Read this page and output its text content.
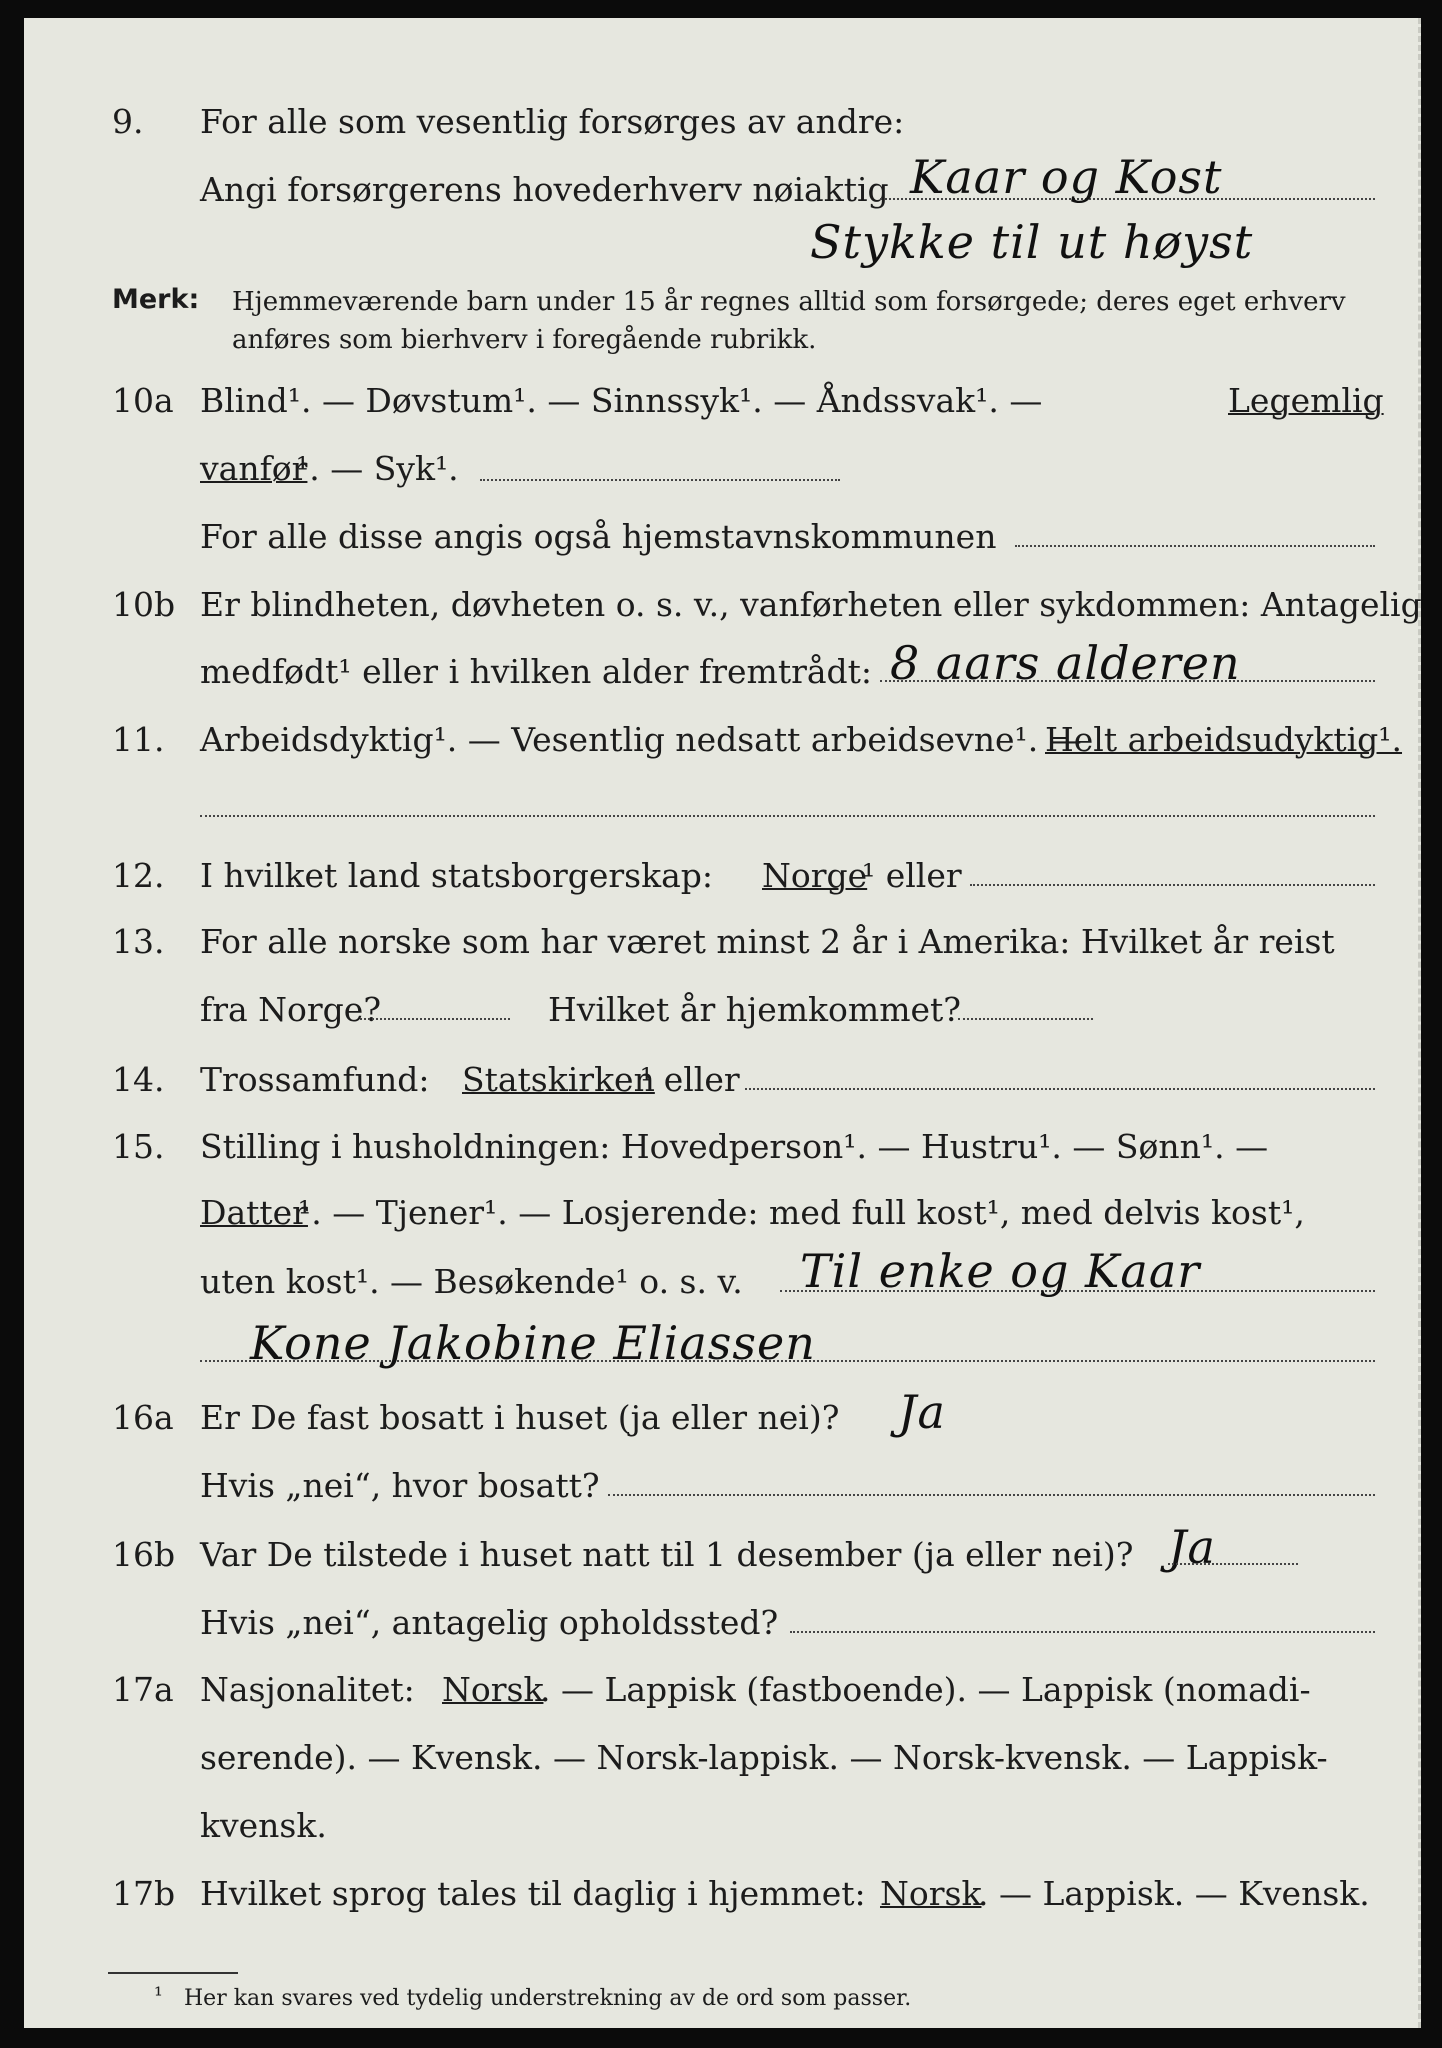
9. For alle som vesentlig forsørges av andre:
Angi forsørgerens hovederhverv nøiaktig Kaar og Kost
Stykke til ut høyst
Merk: Hjemmeværende barn under 15 år regnes alltid som forsørgede; deres eget erhverv
anføres som bierhverv i foregående rubrikk.
10a Blind¹. — Døvstum¹. — Sinnssyk¹. — Åndssvak¹. —	Legemlig
vanfør
¹. — Syk¹.
For alle disse angis også hjemstavnskommunen
10b Er blindheten, døvheten o. s. v., vanførheten eller sykdommen: Antagelig
medfødt¹ eller i hvilken alder fremtrådt: 8 aars alderen
11. Arbeidsdyktig¹. — Vesentlig nedsatt arbeidsevne¹. —
Helt arbeidsudyktig¹.
12. I hvilket land statsborgerskap: Norge
¹ eller
13. For alle norske som har været minst 2 år i Amerika: Hvilket år reist
fra Norge?	Hvilket år hjemkommet?
14. Trossamfund: Statskirken
¹ eller
15. Stilling i husholdningen: Hovedperson¹. — Hustru¹. — Sønn¹. —
Datter
¹. — Tjener¹. — Losjerende: med full kost¹, med delvis kost¹,
uten kost¹. — Besøkende¹ o. s. v. Til enke og Kaar
Kone Jakobine Eliassen
16a Er De fast bosatt i huset (ja eller nei)? Ja
Hvis „nei“, hvor bosatt?
16b Var De tilstede i huset natt til 1 desember (ja eller nei)? Ja
Hvis „nei“, antagelig opholdssted?
17a Nasjonalitet: Norsk
. — Lappisk (fastboende). — Lappisk (nomadi-
serende). — Kvensk. — Norsk-lappisk. — Norsk-kvensk. — Lappisk-
kvensk.
17b Hvilket sprog tales til daglig i hjemmet: Norsk
. — Lappisk. — Kvensk.
¹ Her kan svares ved tydelig understrekning av de ord som passer.
